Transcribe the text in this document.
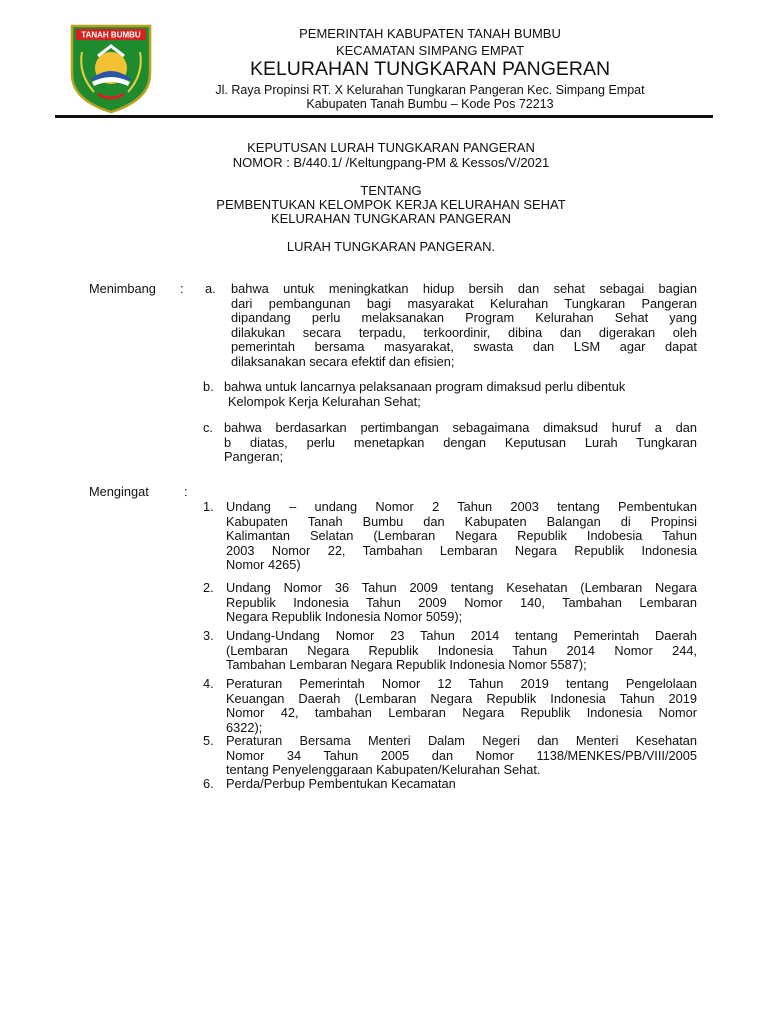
TANAH BUMBU	PEMERINTAH KABUPATEN TANAH BUMBU
KECAMATAN SIMPANG EMPAT
KELURAHAN TUNGKARAN PANGERAN
Jl. Raya Propinsi RT. X Kelurahan Tungkaran Pangeran Kec. Simpang Empat
Kabupaten Tanah Bumbu – Kode Pos 72213
KEPUTUSAN LURAH TUNGKARAN PANGERAN
NOMOR : B/440.1/ /Keltungpang-PM & Kessos/V/2021
TENTANG
PEMBENTUKAN KELOMPOK KERJA KELURAHAN SEHAT
KELURAHAN TUNGKARAN PANGERAN
LURAH TUNGKARAN PANGERAN.
Menimbang : a. bahwa untuk meningkatkan hidup bersih dan sehat sebagai bagian
dari pembangunan bagi masyarakat Kelurahan Tungkaran Pangeran
dipandang perlu melaksanakan Program Kelurahan Sehat yang
dilakukan secara terpadu, terkoordinir, dibina dan digerakan oleh
pemerintah bersama masyarakat, swasta dan LSM agar dapat
dilaksanakan secara efektif dan efisien;
b. bahwa untuk lancarnya pelaksanaan program dimaksud perlu dibentuk
Kelompok Kerja Kelurahan Sehat;
c. bahwa berdasarkan pertimbangan sebagaimana dimaksud huruf a dan
b diatas, perlu menetapkan dengan Keputusan Lurah Tungkaran
Pangeran;
Mengingat	:
1. Undang – undang Nomor 2 Tahun 2003 tentang Pembentukan
Kabupaten Tanah Bumbu dan Kabupaten Balangan di Propinsi
Kalimantan Selatan (Lembaran Negara Republik Indobesia Tahun
2003 Nomor 22, Tambahan Lembaran Negara Republik Indonesia
Nomor 4265)
2. Undang Nomor 36 Tahun 2009 tentang Kesehatan (Lembaran Negara
Republik Indonesia Tahun 2009 Nomor 140, Tambahan Lembaran
Negara Republik Indonesia Nomor 5059);
3. Undang-Undang Nomor 23 Tahun 2014 tentang Pemerintah Daerah
(Lembaran Negara Republik Indonesia Tahun 2014 Nomor 244,
Tambahan Lembaran Negara Republik Indonesia Nomor 5587);
4. Peraturan Pemerintah Nomor 12 Tahun 2019 tentang Pengelolaan
Keuangan Daerah (Lembaran Negara Republik Indonesia Tahun 2019
Nomor 42, tambahan Lembaran Negara Republik Indonesia Nomor
6322);
5. Peraturan Bersama Menteri Dalam Negeri dan Menteri Kesehatan
Nomor 34 Tahun 2005 dan Nomor 1138/MENKES/PB/VIII/2005
tentang Penyelenggaraan Kabupaten/Kelurahan Sehat.
6. Perda/Perbup Pembentukan Kecamatan
